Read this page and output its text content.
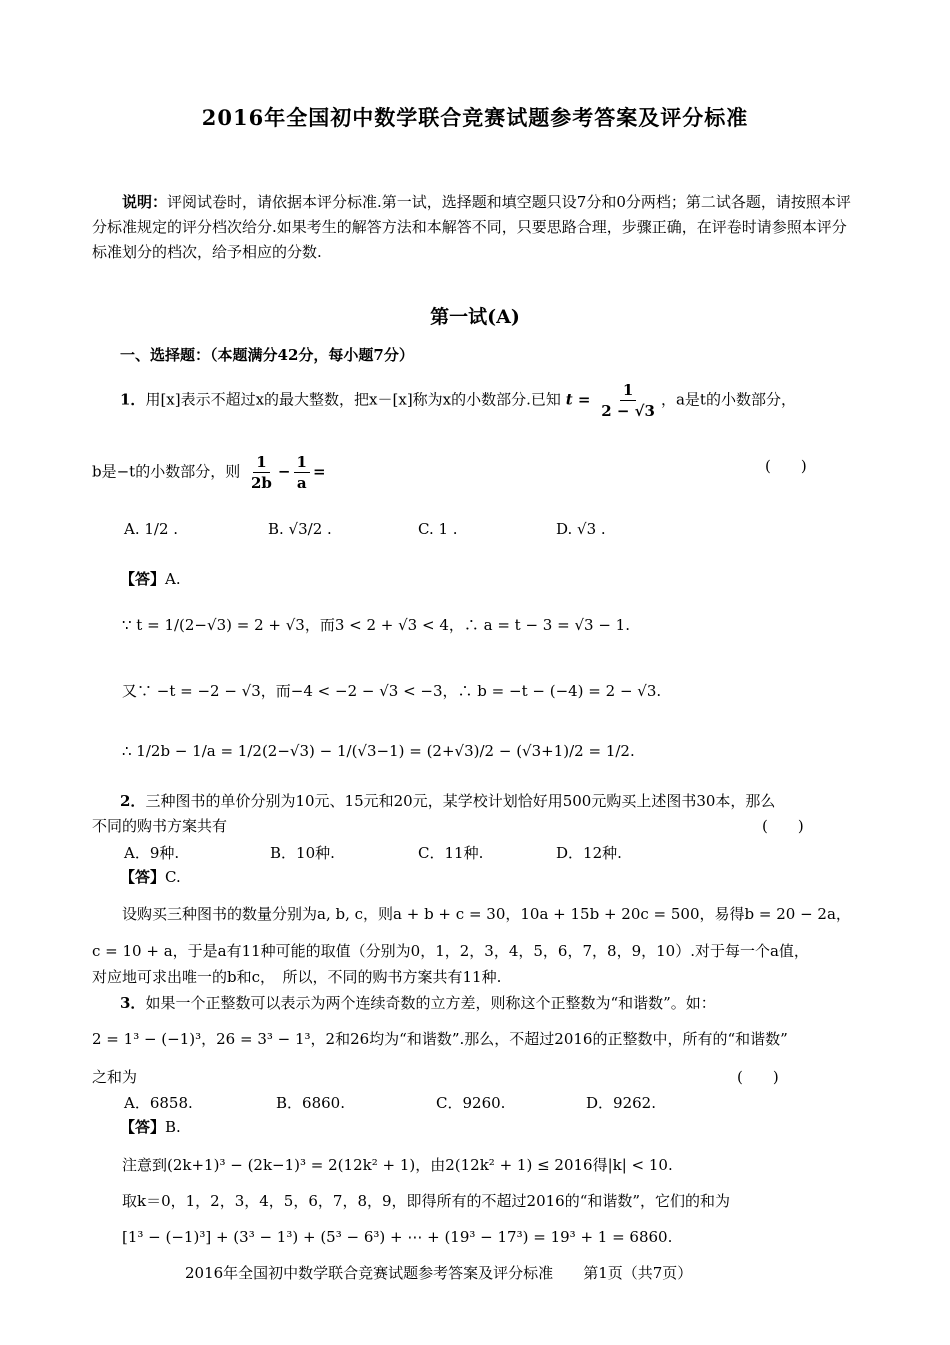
2016年全国初中数学联合竞赛试题参考答案及评分标准
说明：评阅试卷时，请依据本评分标准.第一试，选择题和填空题只设7分和0分两档；第二试各题，请按照本评分标准规定的评分档次给分.如果考生的解答方法和本解答不同，只要思路合理，步骤正确，在评卷时请参照本评分标准划分的档次，给予相应的分数.
第一试(A)
一、选择题：（本题满分42分，每小题7分）
1．用[x]表示不超过x的最大整数，把x－[x]称为x的小数部分.已知 $t = \frac{1}{2 - √3}$ ，a是t的小数部分，
b是−t的小数部分，则 $\frac{1}{2b} - \frac{1}{a}$ =	(　　)
A. 1/2 .	B. √3/2 .	C. 1 .	D. √3 .
【答】A.
∵ t = 1/(2−√3) = 2 + √3，而3 < 2 + √3 < 4，∴ a = t − 3 = √3 − 1.
又∵ −t = −2 − √3，而−4 < −2 − √3 < −3，∴ b = −t − (−4) = 2 − √3.
∴ 1/2b − 1/a = 1/2(2−√3) − 1/(√3−1) = (2+√3)/2 − (√3+1)/2 = 1/2.
2．三种图书的单价分别为10元、15元和20元，某学校计划恰好用500元购买上述图书30本，那么
不同的购书方案共有	(　　)
A．9种.	B．10种.	C．11种.	D．12种.
【答】C.
设购买三种图书的数量分别为a, b, c，则a + b + c = 30，10a + 15b + 20c = 500，易得b = 20 − 2a，
c = 10 + a，于是a有11种可能的取值（分别为0，1，2，3，4，5，6，7，8，9，10）.对于每一个a值，
对应地可求出唯一的b和c，　所以，不同的购书方案共有11种.
3．如果一个正整数可以表示为两个连续奇数的立方差，则称这个正整数为“和谐数”。如：
2 = 1³ − (−1)³，26 = 3³ − 1³，2和26均为“和谐数”.那么，不超过2016的正整数中，所有的“和谐数”
之和为	(　　)
A．6858.	B．6860.	C．9260.	D．9262.
【答】B.
注意到(2k+1)³ − (2k−1)³ = 2(12k² + 1)，由2(12k² + 1) ≤ 2016得|k| < 10.
取k＝0，1，2，3，4，5，6，7，8，9，即得所有的不超过2016的“和谐数”，它们的和为
[1³ − (−1)³] + (3³ − 1³) + (5³ − 6³) + ⋯ + (19³ − 17³) = 19³ + 1 = 6860.
2016年全国初中数学联合竞赛试题参考答案及评分标准 第1页（共7页）
